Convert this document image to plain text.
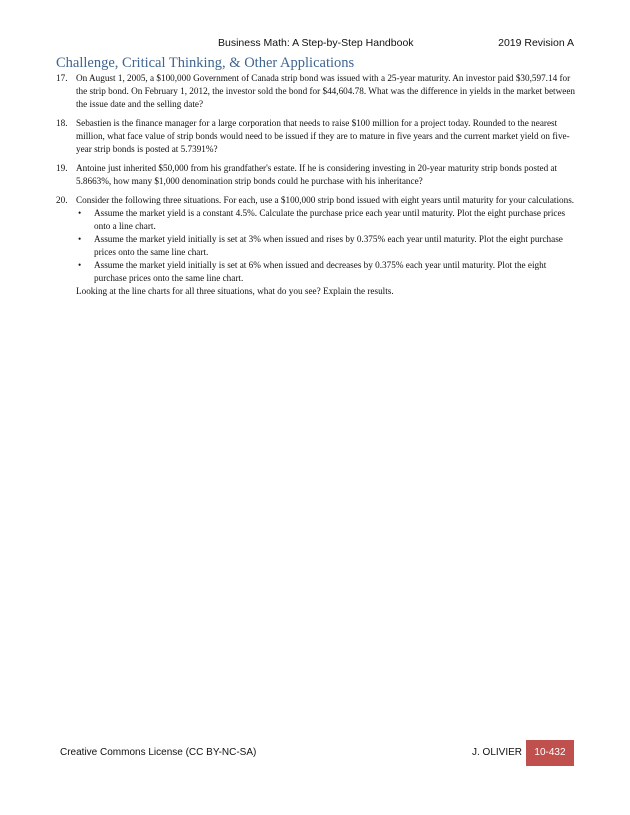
Business Math: A Step-by-Step Handbook	2019 Revision A
Challenge, Critical Thinking, & Other Applications
17. On August 1, 2005, a $100,000 Government of Canada strip bond was issued with a 25-year maturity. An investor paid $30,597.14 for the strip bond. On February 1, 2012, the investor sold the bond for $44,604.78. What was the difference in yields in the market between the issue date and the selling date?
18. Sebastien is the finance manager for a large corporation that needs to raise $100 million for a project today. Rounded to the nearest million, what face value of strip bonds would need to be issued if they are to mature in five years and the current market yield on five-year strip bonds is posted at 5.7391%?
19. Antoine just inherited $50,000 from his grandfather's estate. If he is considering investing in 20-year maturity strip bonds posted at 5.8663%, how many $1,000 denomination strip bonds could he purchase with his inheritance?
20. Consider the following three situations. For each, use a $100,000 strip bond issued with eight years until maturity for your calculations.
• Assume the market yield is a constant 4.5%. Calculate the purchase price each year until maturity. Plot the eight purchase prices onto a line chart.
• Assume the market yield initially is set at 3% when issued and rises by 0.375% each year until maturity. Plot the eight purchase prices onto the same line chart.
• Assume the market yield initially is set at 6% when issued and decreases by 0.375% each year until maturity. Plot the eight purchase prices onto the same line chart.
Looking at the line charts for all three situations, what do you see? Explain the results.
Creative Commons License (CC BY-NC-SA)	J. OLIVIER	10-432
